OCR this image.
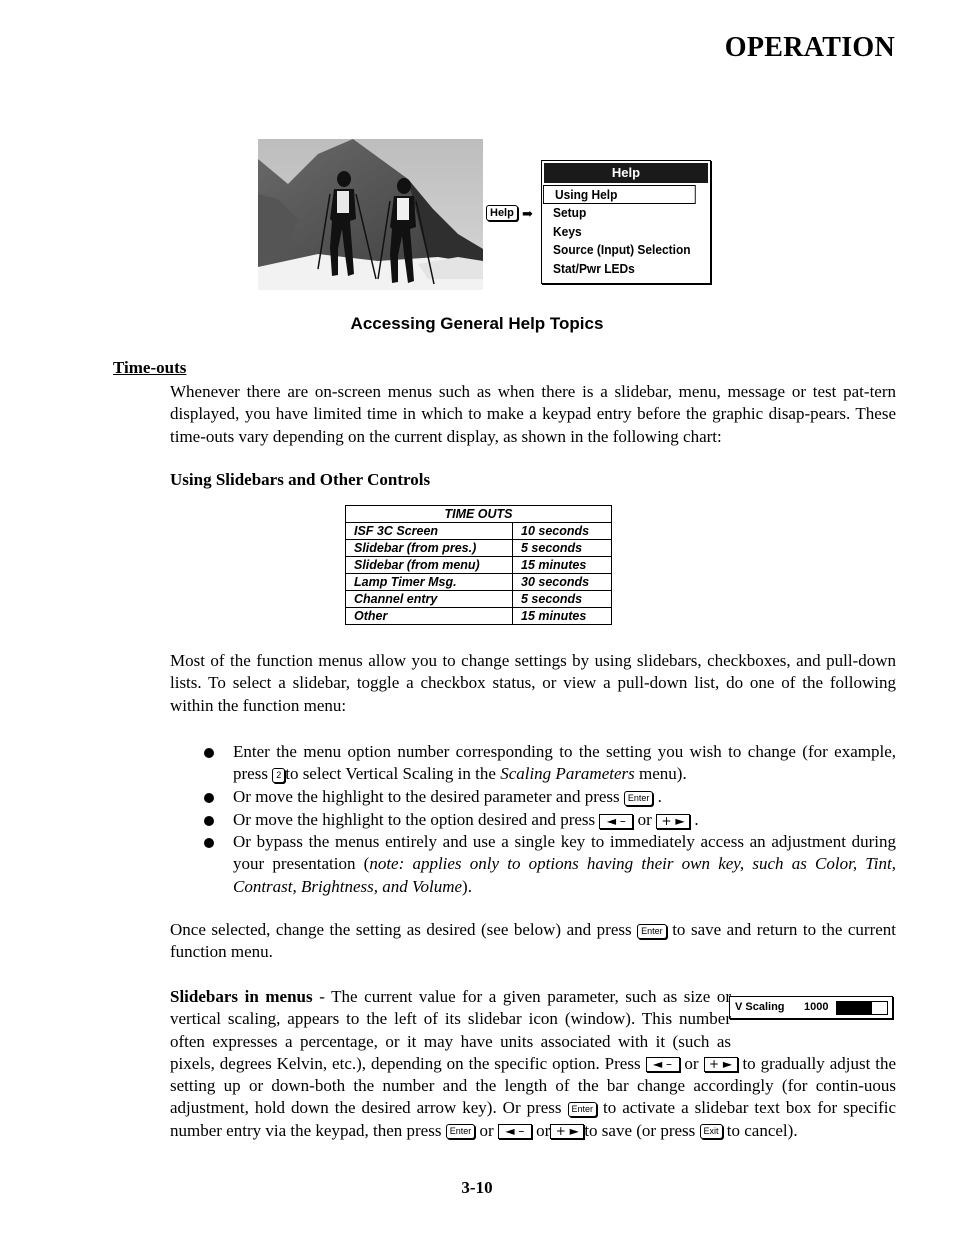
OPERATION
Help ➡
Help
Using Help
Setup
Keys
Source (Input) Selection
Stat/Pwr LEDs
Accessing General Help Topics
Time-outs
Whenever there are on-screen menus such as when there is a slidebar, menu, message or test pat-tern displayed, you have limited time in which to make a keypad entry before the graphic disap-pears. These time-outs vary depending on the current display, as shown in the following chart:
Using Slidebars and Other Controls
TIME OUTS	
ISF 3C Screen	10 seconds
Slidebar (from pres.)	5 seconds
Slidebar (from menu)	15 minutes
Lamp Timer Msg.	30 seconds
Channel entry	5 seconds
Other	15 minutes
Most of the function menus allow you to change settings by using slidebars, checkboxes, and pull-down lists. To select a slidebar, toggle a checkbox status, or view a pull-down list, do one of the following within the function menu:
Enter the menu option number corresponding to the setting you wish to change (for example, press 2 to select Vertical Scaling in the Scaling Parameters menu).
Or move the highlight to the desired parameter and press Enter .
Or move the highlight to the option desired and press ◄ – or + ► .
Or bypass the menus entirely and use a single key to immediately access an adjustment during your presentation (note: applies only to options having their own key, such as Color, Tint, Contrast, Brightness, and Volume).
Once selected, change the setting as desired (see below) and press Enter to save and return to the current function menu.
Slidebars in menus - The current value for a given parameter, such as size or vertical scaling, appears to the left of its slidebar icon (window). This number often expresses a percentage, or it may have units associated with it (such as pixels, degrees Kelvin, etc.), depending on the specific option. Press ◄ – or + ► to gradually adjust the setting up or down-both the number and the length of the bar change accordingly (for contin-uous adjustment, hold down the desired arrow key). Or press Enter to activate a slidebar text box for specific number entry via the keypad, then press Enter or ◄ – or + ► to save (or press Exit to cancel).
V Scaling 1000
3-10
